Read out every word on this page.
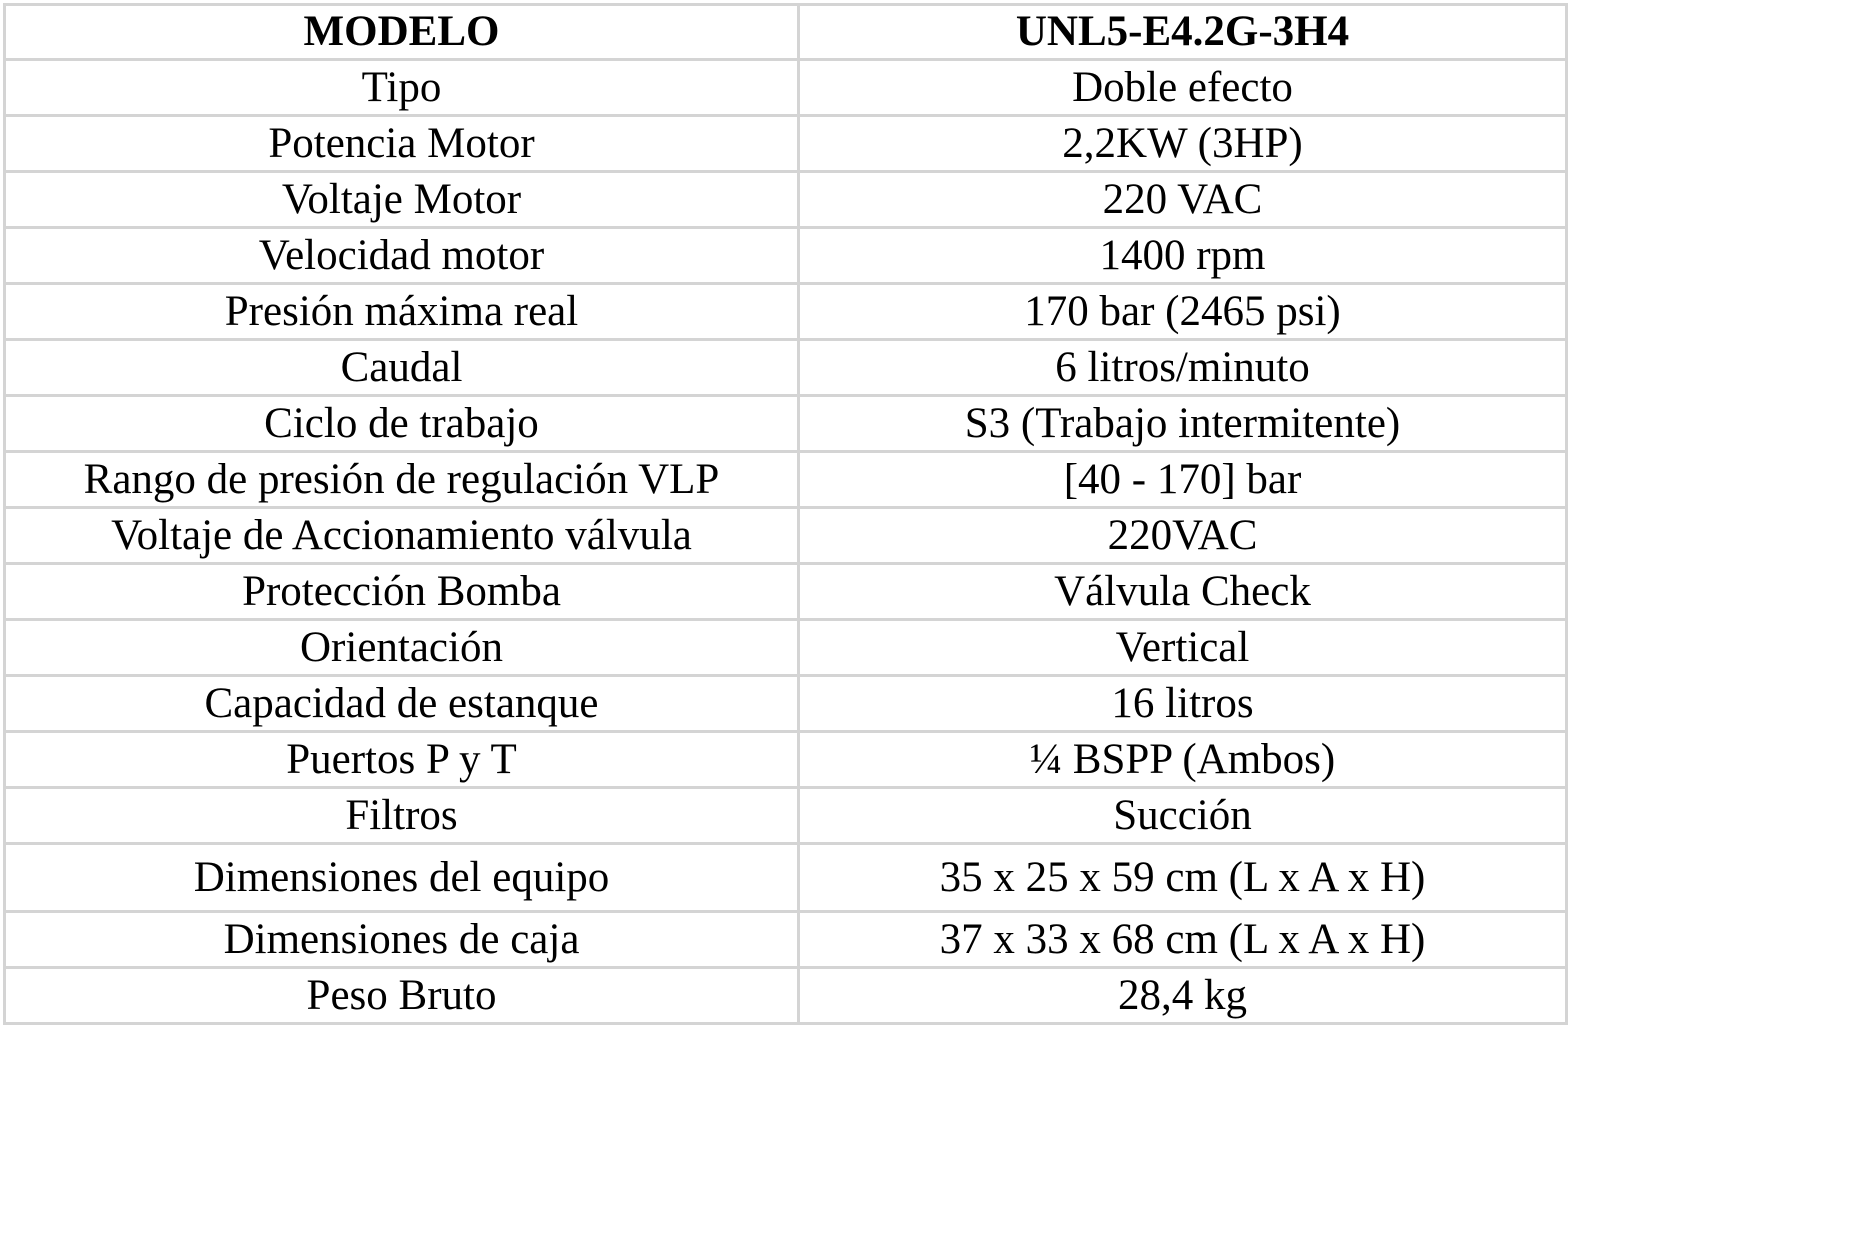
MODELO	UNL5-E4.2G-3H4
Tipo	Doble efecto
Potencia Motor	2,2KW (3HP)
Voltaje Motor	220 VAC
Velocidad motor	1400 rpm
Presión máxima real	170 bar (2465 psi)
Caudal	6 litros/minuto
Ciclo de trabajo	S3 (Trabajo intermitente)
Rango de presión de regulación VLP	[40 - 170] bar
Voltaje de Accionamiento válvula	220VAC
Protección Bomba	Válvula Check
Orientación	Vertical
Capacidad de estanque	16 litros
Puertos P y T	¼ BSPP (Ambos)
Filtros	Succión
Dimensiones del equipo	35 x 25 x 59 cm (L x A x H)
Dimensiones de caja	37 x 33 x 68 cm (L x A x H)
Peso Bruto	28,4 kg
